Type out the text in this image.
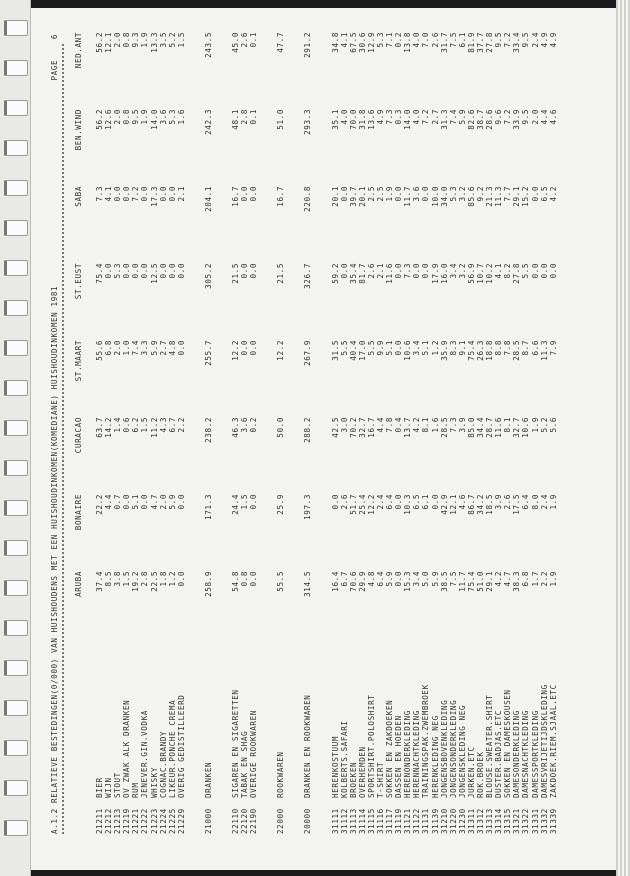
A.1.2 RELATIEVE BESTEDINGEN(0/000) VAN HUISHOUDENS MET EEN HUISHOUDINKOMEN(KOMEDIANE) HUISHOUDINKOMEN 1981
PAGE    6
		ARUBA	BONAIRE	CURACAO	ST.MAART	ST.EUST	SABA	BEN.WIND	NED.ANT

21211	BIER	37.4	22.2	63.7	55.6	75.4	7.3	56.2	56.2
21212	WIJN	8.5	4.4	14.2	6.8	0.0	4.1	12.6	12.1
21213	STOUT	3.8	0.7	1.4	2.0	5.3	0.0	2.0	2.0
21219	OV ZWAK ALK DRANKEN	1.5	0.0	0.6	1.0	0.0	0.0	0.8	0.8
21221	RUM	19.2	5.1	6.2	7.4	0.0	7.2	9.5	9.3
21222	JENEVER.GIN.VODKA	2.8	0.0	1.5	3.3	0.0	0.0	1.9	1.9
21223	WHISKY	22.5	4.7	11.2	5.9	12.5	17.3	14.0	13.3
21224	COGNAC.BRANDY	1.8	2.0	4.3	2.7	0.0	0.0	3.6	3.5
21225	LIKEUR.PONCHE CREMA	1.2	5.9	6.7	4.8	0.0	0.0	5.3	5.2
21229	OVERIG GEDISTILLEERD	0.0	0.0	2.2	0.0	0.0	2.1	1.6	1.5

21000	DRANKEN	258.9	171.3	238.2	255.7	305.2	204.1	242.3	243.5

22110	SIGAREN EN SIGARETTEN	54.8	24.4	46.3	12.2	21.5	16.7	48.1	45.0
22120	TABAK EN SHAG	0.8	1.5	3.6	0.0	0.0	0.0	2.8	2.6
22190	OVERIGE ROOKWAREN	0.0	0.0	0.2	0.0	0.0	0.0	0.1	0.1

22000	ROOKWAREN	55.5	25.9	50.0	12.2	21.5	16.7	51.0	47.7

20000	DRANKEN EN ROOKWAREN	314.5	197.3	288.2	267.9	326.7	220.8	293.3	291.2

31111	HERENKOSTUUM	16.4	0.0	42.5	31.5	59.2	20.1	35.1	34.8
31112	KOLBERTS.SAFARI	6.7	2.6	3.0	5.5	0.0	0.0	4.0	4.1
31113	BROEKEN	70.6	51.7	70.2	40.4	35.4	39.7	70.0	67.5
31114	OVERHEMDEN	29.9	25.4	32.7	17.0	81.7	20.1	31.8	30.6
31115	SPORTSHIRT.POLOSHIRT	4.8	12.2	16.7	5.5	2.6	2.5	13.6	12.9
31116	T-SHIRT	6.4	2.4	4.4	9.9	2.1	2.5	4.9	5.3
31117	SOKKEN EN ZAKDOEKEN	5.9	6.4	7.8	5.1	11.6	1.9	7.3	7.1
31119	DASSEN EN HOEDEN	0.0	0.0	0.4	0.0	0.0	0.0	0.3	0.2
31121	HERENONDERKLEDING	15.3	10.3	13.7	10.6	7.3	11.7	14.0	13.8
31122	HERENNACHTKLEDING	3.4	6.5	4.2	3.4	0.0	3.6	4.0	4.0
31131	TRAININGSPAK.ZWEMBROEK	5.0	6.1	8.1	5.1	0.0	0.0	7.2	7.0
31139	HERENKLEDING NEG	5.9	0.0	1.6	1.2	17.9	10.0	2.7	2.6
31210	JONGENSBOVENKLEDING	38.5	42.9	28.5	35.9	16.0	34.0	31.3	31.7
31220	JONGENSONDERKLEDING	7.5	12.1	7.3	8.3	3.4	5.3	7.4	7.5
31230	JONGENSKLEDING NEG	11.7	4.6	3.9	9.1	3.2	3.2	5.9	6.1
31311	JURKEN.ETC	75.4	86.7	85.0	75.4	56.9	85.6	82.6	81.9
31312	ROK.BROEK	51.0	34.2	34.4	26.3	10.7	9.2	38.7	37.7
31313	BLOUSE.SWEATER.SHIRT	29.1	18.5	28.7	18.8	10.2	21.3	28.6	27.8
31314	DUSTER.BADJAS.ETC	4.2	3.9	11.6	8.8	4.1	11.3	9.6	9.5
31315	SOKKEN EN DAMESKOUSEN	4.7	2.6	8.1	7.8	8.2	7.7	7.2	7.2
31321	DAMESONDERKLEDING	38.3	17.5	32.7	28.5	27.8	29.1	33.9	33.4
31322	DAMESNACHTKLEDING	6.8	6.4	10.6	8.7	5.5	15.2	9.5	9.5
31331	DAMESSPORTKLEDING	1.7	8.0	1.9	6.6	0.0	0.0	2.0	2.4
31332	DAMESVRIJETIJDSKLEDING	2.2	2.4	5.2	11.3	0.0	6.5	4.4	4.9
31339	ZAKDOEK.RIEM.SJAAL.ETC	1.9	1.9	5.6	7.9	0.0	4.2	4.6	4.9
